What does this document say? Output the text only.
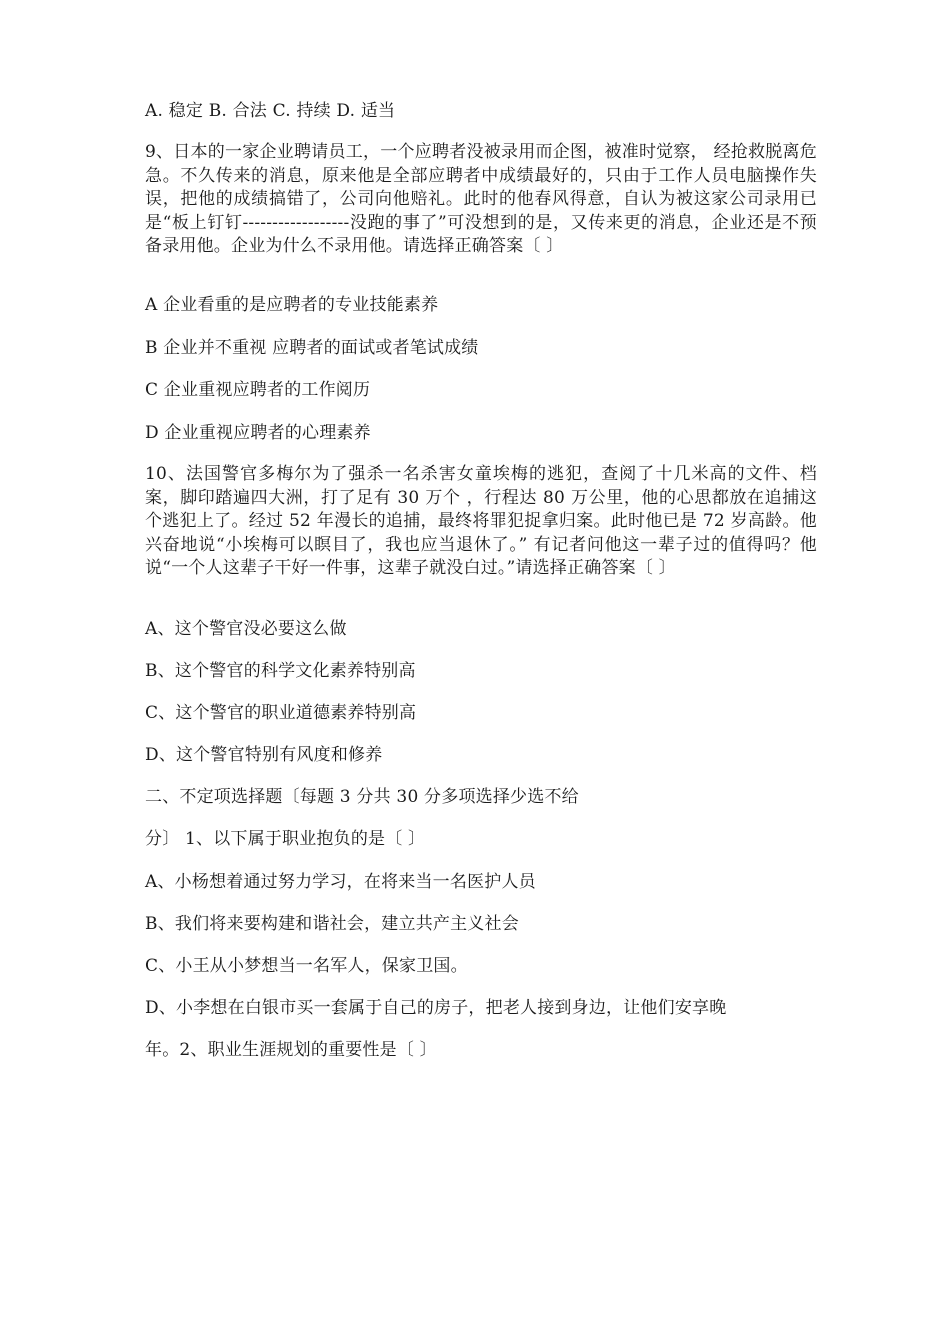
A. 稳定 B. 合法 C. 持续 D. 适当
9、日本的一家企业聘请员工，一个应聘者没被录用而企图，被准时觉察， 经抢救脱离危急。不久传来的消息，原来他是全部应聘者中成绩最好的，只由于工作人员电脑操作失误，把他的成绩搞错了，公司向他赔礼。此时的他春风得意，自认为被这家公司录用已是“板上钉钉------------------没跑的事了”可没想到的是，又传来更的消息，企业还是不预备录用他。企业为什么不录用他。请选择正确答案〔 〕
A 企业看重的是应聘者的专业技能素养
B 企业并不重视 应聘者的面试或者笔试成绩
C 企业重视应聘者的工作阅历
D 企业重视应聘者的心理素养
10、法国警官多梅尔为了强杀一名杀害女童埃梅的逃犯，查阅了十几米高的文件、档案，脚印踏遍四大洲，打了足有 30 万个 ，行程达 80 万公里，他的心思都放在追捕这个逃犯上了。经过 52 年漫长的追捕，最终将罪犯捉拿归案。此时他已是 72 岁高龄。他兴奋地说“小埃梅可以瞑目了，我也应当退休了。” 有记者问他这一辈子过的值得吗？他说“一个人这辈子干好一件事，这辈子就没白过。”请选择正确答案〔 〕
A、这个警官没必要这么做
B、这个警官的科学文化素养特别高
C、这个警官的职业道德素养特别高
D、这个警官特别有风度和修养
二、不定项选择题〔每题 3 分共 30 分多项选择少选不给
分〕 1、以下属于职业抱负的是〔 〕
A、小杨想着通过努力学习，在将来当一名医护人员
B、我们将来要构建和谐社会，建立共产主义社会
C、小王从小梦想当一名军人，保家卫国。
D、小李想在白银市买一套属于自己的房子，把老人接到身边，让他们安享晚
年。2、职业生涯规划的重要性是〔 〕
